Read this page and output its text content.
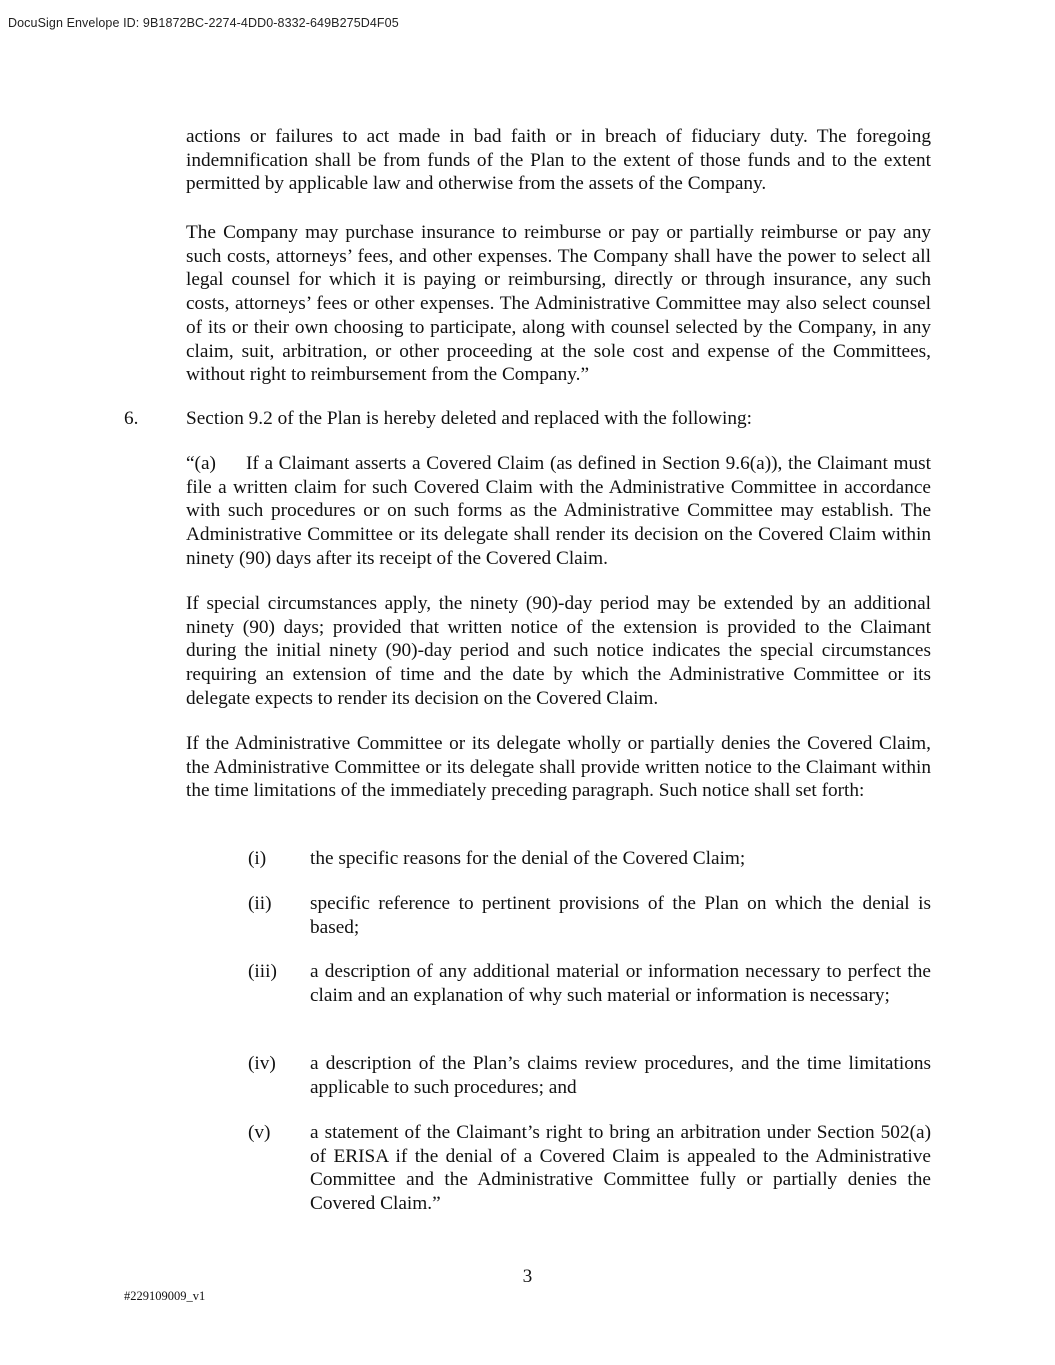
DocuSign Envelope ID: 9B1872BC-2274-4DD0-8332-649B275D4F05
actions or failures to act made in bad faith or in breach of fiduciary duty. The foregoing indemnification shall be from funds of the Plan to the extent of those funds and to the extent permitted by applicable law and otherwise from the assets of the Company.
The Company may purchase insurance to reimburse or pay or partially reimburse or pay any such costs, attorneys’ fees, and other expenses. The Company shall have the power to select all legal counsel for which it is paying or reimbursing, directly or through insurance, any such costs, attorneys’ fees or other expenses. The Administrative Committee may also select counsel of its or their own choosing to participate, along with counsel selected by the Company, in any claim, suit, arbitration, or other proceeding at the sole cost and expense of the Committees, without right to reimbursement from the Company.”
6. Section 9.2 of the Plan is hereby deleted and replaced with the following:
“(a) If a Claimant asserts a Covered Claim (as defined in Section 9.6(a)), the Claimant must file a written claim for such Covered Claim with the Administrative Committee in accordance with such procedures or on such forms as the Administrative Committee may establish. The Administrative Committee or its delegate shall render its decision on the Covered Claim within ninety (90) days after its receipt of the Covered Claim.
If special circumstances apply, the ninety (90)-day period may be extended by an additional ninety (90) days; provided that written notice of the extension is provided to the Claimant during the initial ninety (90)-day period and such notice indicates the special circumstances requiring an extension of time and the date by which the Administrative Committee or its delegate expects to render its decision on the Covered Claim.
If the Administrative Committee or its delegate wholly or partially denies the Covered Claim, the Administrative Committee or its delegate shall provide written notice to the Claimant within the time limitations of the immediately preceding paragraph. Such notice shall set forth:
(i) the specific reasons for the denial of the Covered Claim;
(ii) specific reference to pertinent provisions of the Plan on which the denial is based;
(iii) a description of any additional material or information necessary to perfect the claim and an explanation of why such material or information is necessary;
(iv) a description of the Plan’s claims review procedures, and the time limitations applicable to such procedures; and
(v) a statement of the Claimant’s right to bring an arbitration under Section 502(a) of ERISA if the denial of a Covered Claim is appealed to the Administrative Committee and the Administrative Committee fully or partially denies the Covered Claim.”
3
#229109009_v1
